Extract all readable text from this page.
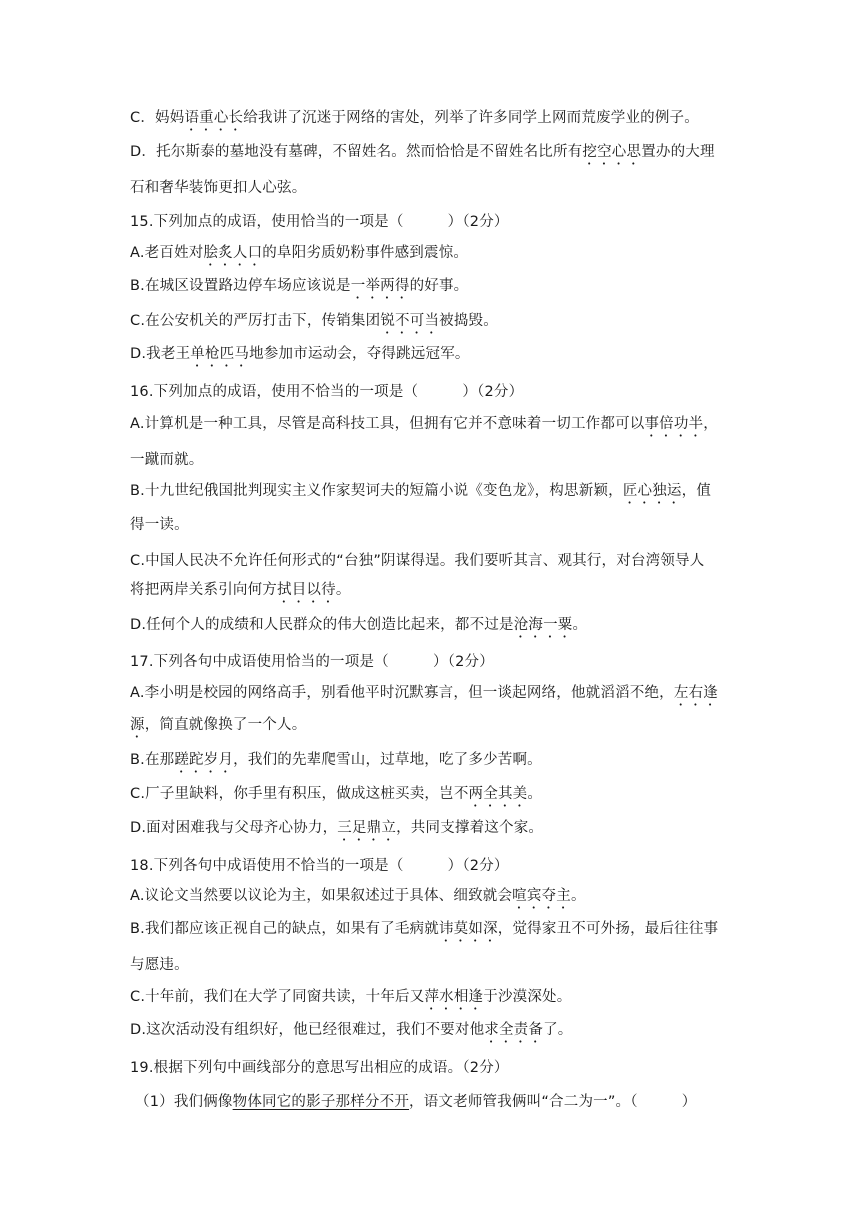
C．妈妈语重心长给我讲了沉迷于网络的害处，列举了许多同学上网而荒废学业的例子。
D．托尔斯泰的墓地没有墓碑，不留姓名。然而恰恰是不留姓名比所有挖空心思置办的大理
石和奢华装饰更扣人心弦。
15.下列加点的成语，使用恰当的一项是（　　　）（2分）
A.老百姓对脍炙人口的阜阳劣质奶粉事件感到震惊。
B.在城区设置路边停车场应该说是一举两得的好事。
C.在公安机关的严厉打击下，传销集团锐不可当被捣毁。
D.我老王单枪匹马地参加市运动会，夺得跳远冠军。
16.下列加点的成语，使用不恰当的一项是（　　　）（2分）
A.计算机是一种工具，尽管是高科技工具，但拥有它并不意味着一切工作都可以事倍功半，
一蹴而就。
B.十九世纪俄国批判现实主义作家契诃夫的短篇小说《变色龙》，构思新颖，匠心独运，值
得一读。
C.中国人民决不允许任何形式的“台独”阴谋得逞。我们要听其言、观其行，对台湾领导人
将把两岸关系引向何方拭目以待。
D.任何个人的成绩和人民群众的伟大创造比起来，都不过是沧海一粟。
17.下列各句中成语使用恰当的一项是（　　　）（2分）
A.李小明是校园的网络高手，别看他平时沉默寡言，但一谈起网络，他就滔滔不绝，左右逢
源，简直就像换了一个人。
B.在那蹉跎岁月，我们的先辈爬雪山，过草地，吃了多少苦啊。
C.厂子里缺料，你手里有积压，做成这桩买卖，岂不两全其美。
D.面对困难我与父母齐心协力，三足鼎立，共同支撑着这个家。
18.下列各句中成语使用不恰当的一项是（　　　）（2分）
A.议论文当然要以议论为主，如果叙述过于具体、细致就会喧宾夺主。
B.我们都应该正视自己的缺点，如果有了毛病就讳莫如深，觉得家丑不可外扬，最后往往事
与愿违。
C.十年前，我们在大学了同窗共读，十年后又萍水相逢于沙漠深处。
D.这次活动没有组织好，他已经很难过，我们不要对他求全责备了。
19.根据下列句中画线部分的意思写出相应的成语。（2分）
（1）我们俩像物体同它的影子那样分不开，语文老师管我俩叫“合二为一”。（　　　）
